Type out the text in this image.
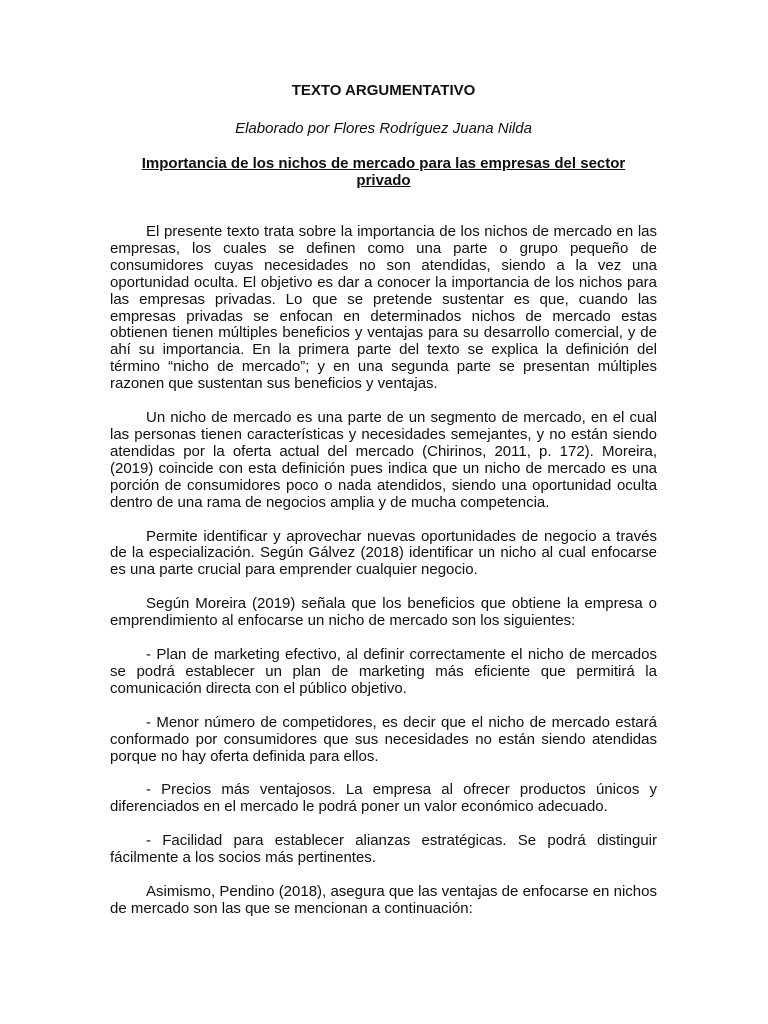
TEXTO ARGUMENTATIVO
Elaborado por Flores Rodríguez Juana Nilda
Importancia de los nichos de mercado para las empresas del sector privado

El presente texto trata sobre la importancia de los nichos de mercado en las empresas, los cuales se definen como una parte o grupo pequeño de consumidores cuyas necesidades no son atendidas, siendo a la vez una oportunidad oculta. El objetivo es dar a conocer la importancia de los nichos para las empresas privadas. Lo que se pretende sustentar es que, cuando las empresas privadas se enfocan en determinados nichos de mercado estas obtienen tienen múltiples beneficios y ventajas para su desarrollo comercial, y de ahí su importancia. En la primera parte del texto se explica la definición del término “nicho de mercado”; y en una segunda parte se presentan múltiples razonen que sustentan sus beneficios y ventajas.

Un nicho de mercado es una parte de un segmento de mercado, en el cual las personas tienen características y necesidades semejantes, y no están siendo atendidas por la oferta actual del mercado (Chirinos, 2011, p. 172). Moreira, (2019) coincide con esta definición pues indica que un nicho de mercado es una porción de consumidores poco o nada atendidos, siendo una oportunidad oculta dentro de una rama de negocios amplia y de mucha competencia.

Permite identificar y aprovechar nuevas oportunidades de negocio a través de la especialización. Según Gálvez (2018) identificar un nicho al cual enfocarse es una parte crucial para emprender cualquier negocio.

Según Moreira (2019) señala que los beneficios que obtiene la empresa o emprendimiento al enfocarse un nicho de mercado son los siguientes:

- Plan de marketing efectivo, al definir correctamente el nicho de mercados se podrá establecer un plan de marketing más eficiente que permitirá la comunicación directa con el público objetivo.

- Menor número de competidores, es decir que el nicho de mercado estará conformado por consumidores que sus necesidades no están siendo atendidas porque no hay oferta definida para ellos.

- Precios más ventajosos. La empresa al ofrecer productos únicos y diferenciados en el mercado le podrá poner un valor económico adecuado.

- Facilidad para establecer alianzas estratégicas. Se podrá distinguir fácilmente a los socios más pertinentes.

Asimismo, Pendino (2018), asegura que las ventajas de enfocarse en nichos de mercado son las que se mencionan a continuación:
